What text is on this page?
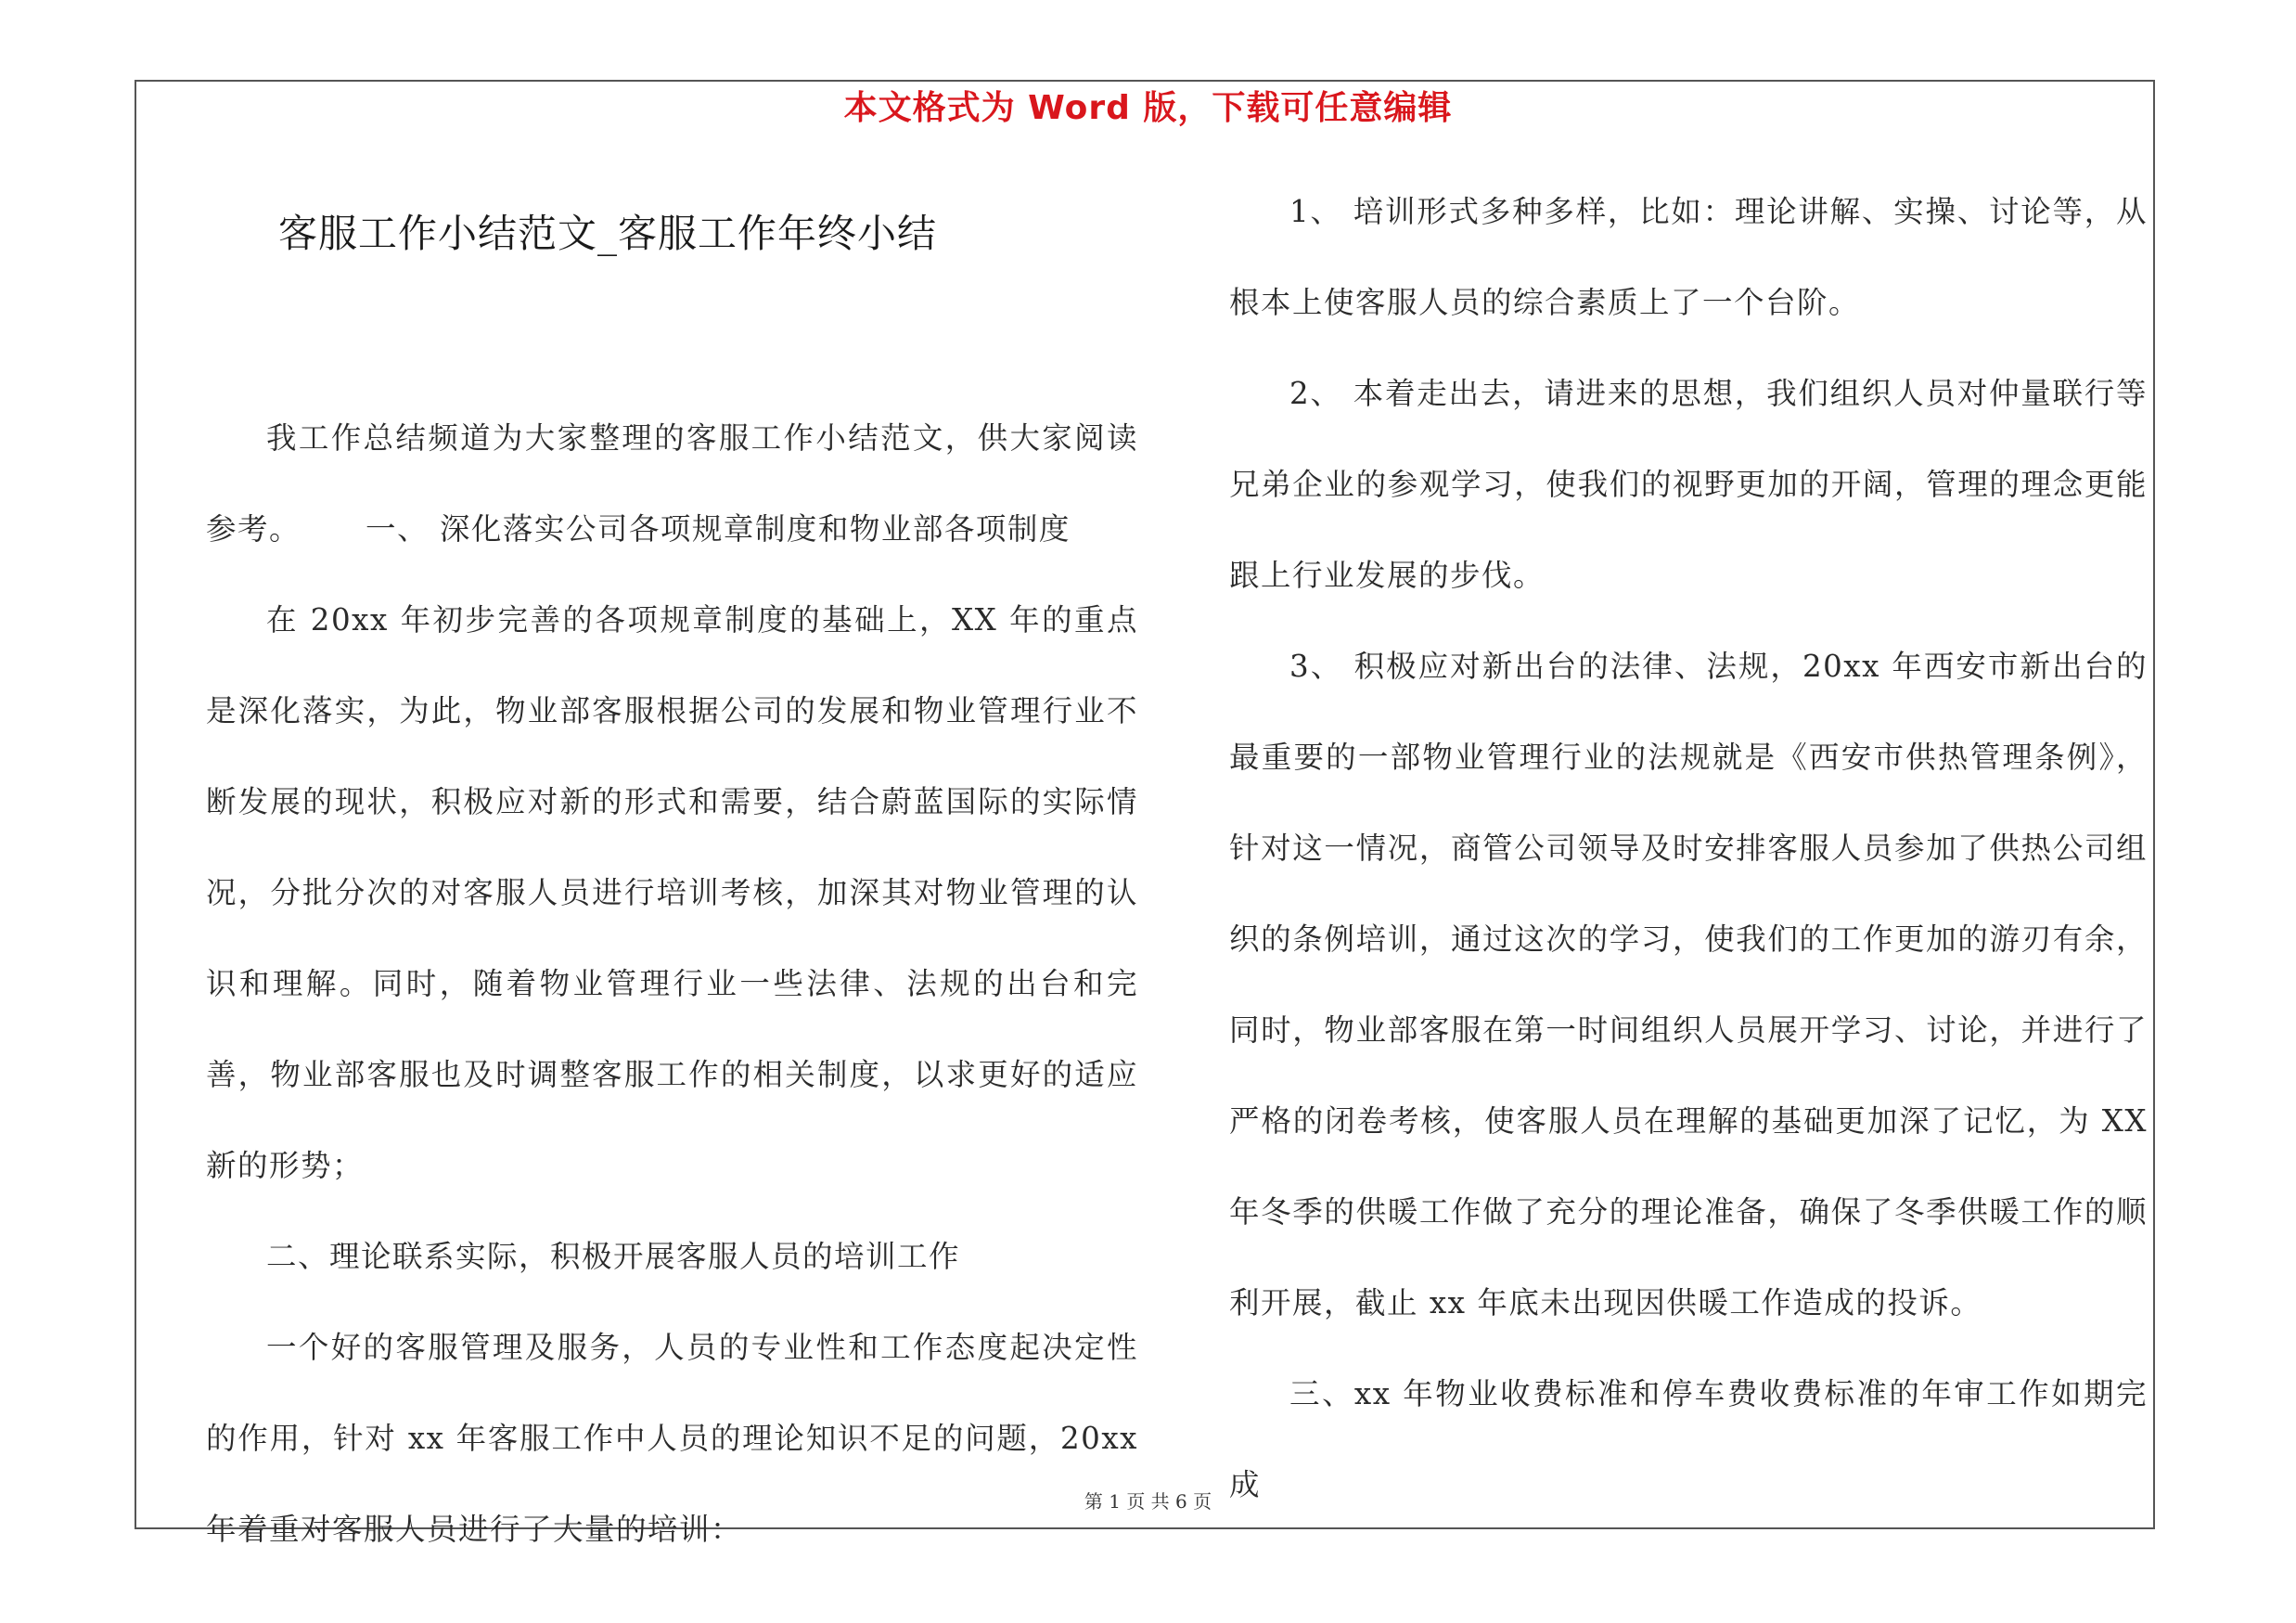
本文格式为 Word 版，下载可任意编辑
客服工作小结范文_客服工作年终小结

我工作总结频道为大家整理的客服工作小结范文，供大家阅读参考。 一、 深化落实公司各项规章制度和物业部各项制度

在 20xx 年初步完善的各项规章制度的基础上，XX 年的重点是深化落实，为此，物业部客服根据公司的发展和物业管理行业不断发展的现状，积极应对新的形式和需要，结合蔚蓝国际的实际情况，分批分次的对客服人员进行培训考核，加深其对物业管理的认识和理解。同时，随着物业管理行业一些法律、法规的出台和完善，物业部客服也及时调整客服工作的相关制度，以求更好的适应新的形势；

二、理论联系实际，积极开展客服人员的培训工作

一个好的客服管理及服务，人员的专业性和工作态度起决定性的作用，针对 xx 年客服工作中人员的理论知识不足的问题，20xx 年着重对客服人员进行了大量的培训：

1、 培训形式多种多样，比如：理论讲解、实操、讨论等，从根本上使客服人员的综合素质上了一个台阶。

2、 本着走出去，请进来的思想，我们组织人员对仲量联行等兄弟企业的参观学习，使我们的视野更加的开阔，管理的理念更能跟上行业发展的步伐。

3、 积极应对新出台的法律、法规，20xx 年西安市新出台的最重要的一部物业管理行业的法规就是《西安市供热管理条例》，针对这一情况，商管公司领导及时安排客服人员参加了供热公司组织的条例培训，通过这次的学习，使我们的工作更加的游刃有余，同时，物业部客服在第一时间组织人员展开学习、讨论，并进行了严格的闭卷考核，使客服人员在理解的基础更加深了记忆，为 XX 年冬季的供暖工作做了充分的理论准备，确保了冬季供暖工作的顺利开展，截止 xx 年底未出现因供暖工作造成的投诉。

三、xx 年物业收费标准和停车费收费标准的年审工作如期完成

第 1 页 共 6 页
